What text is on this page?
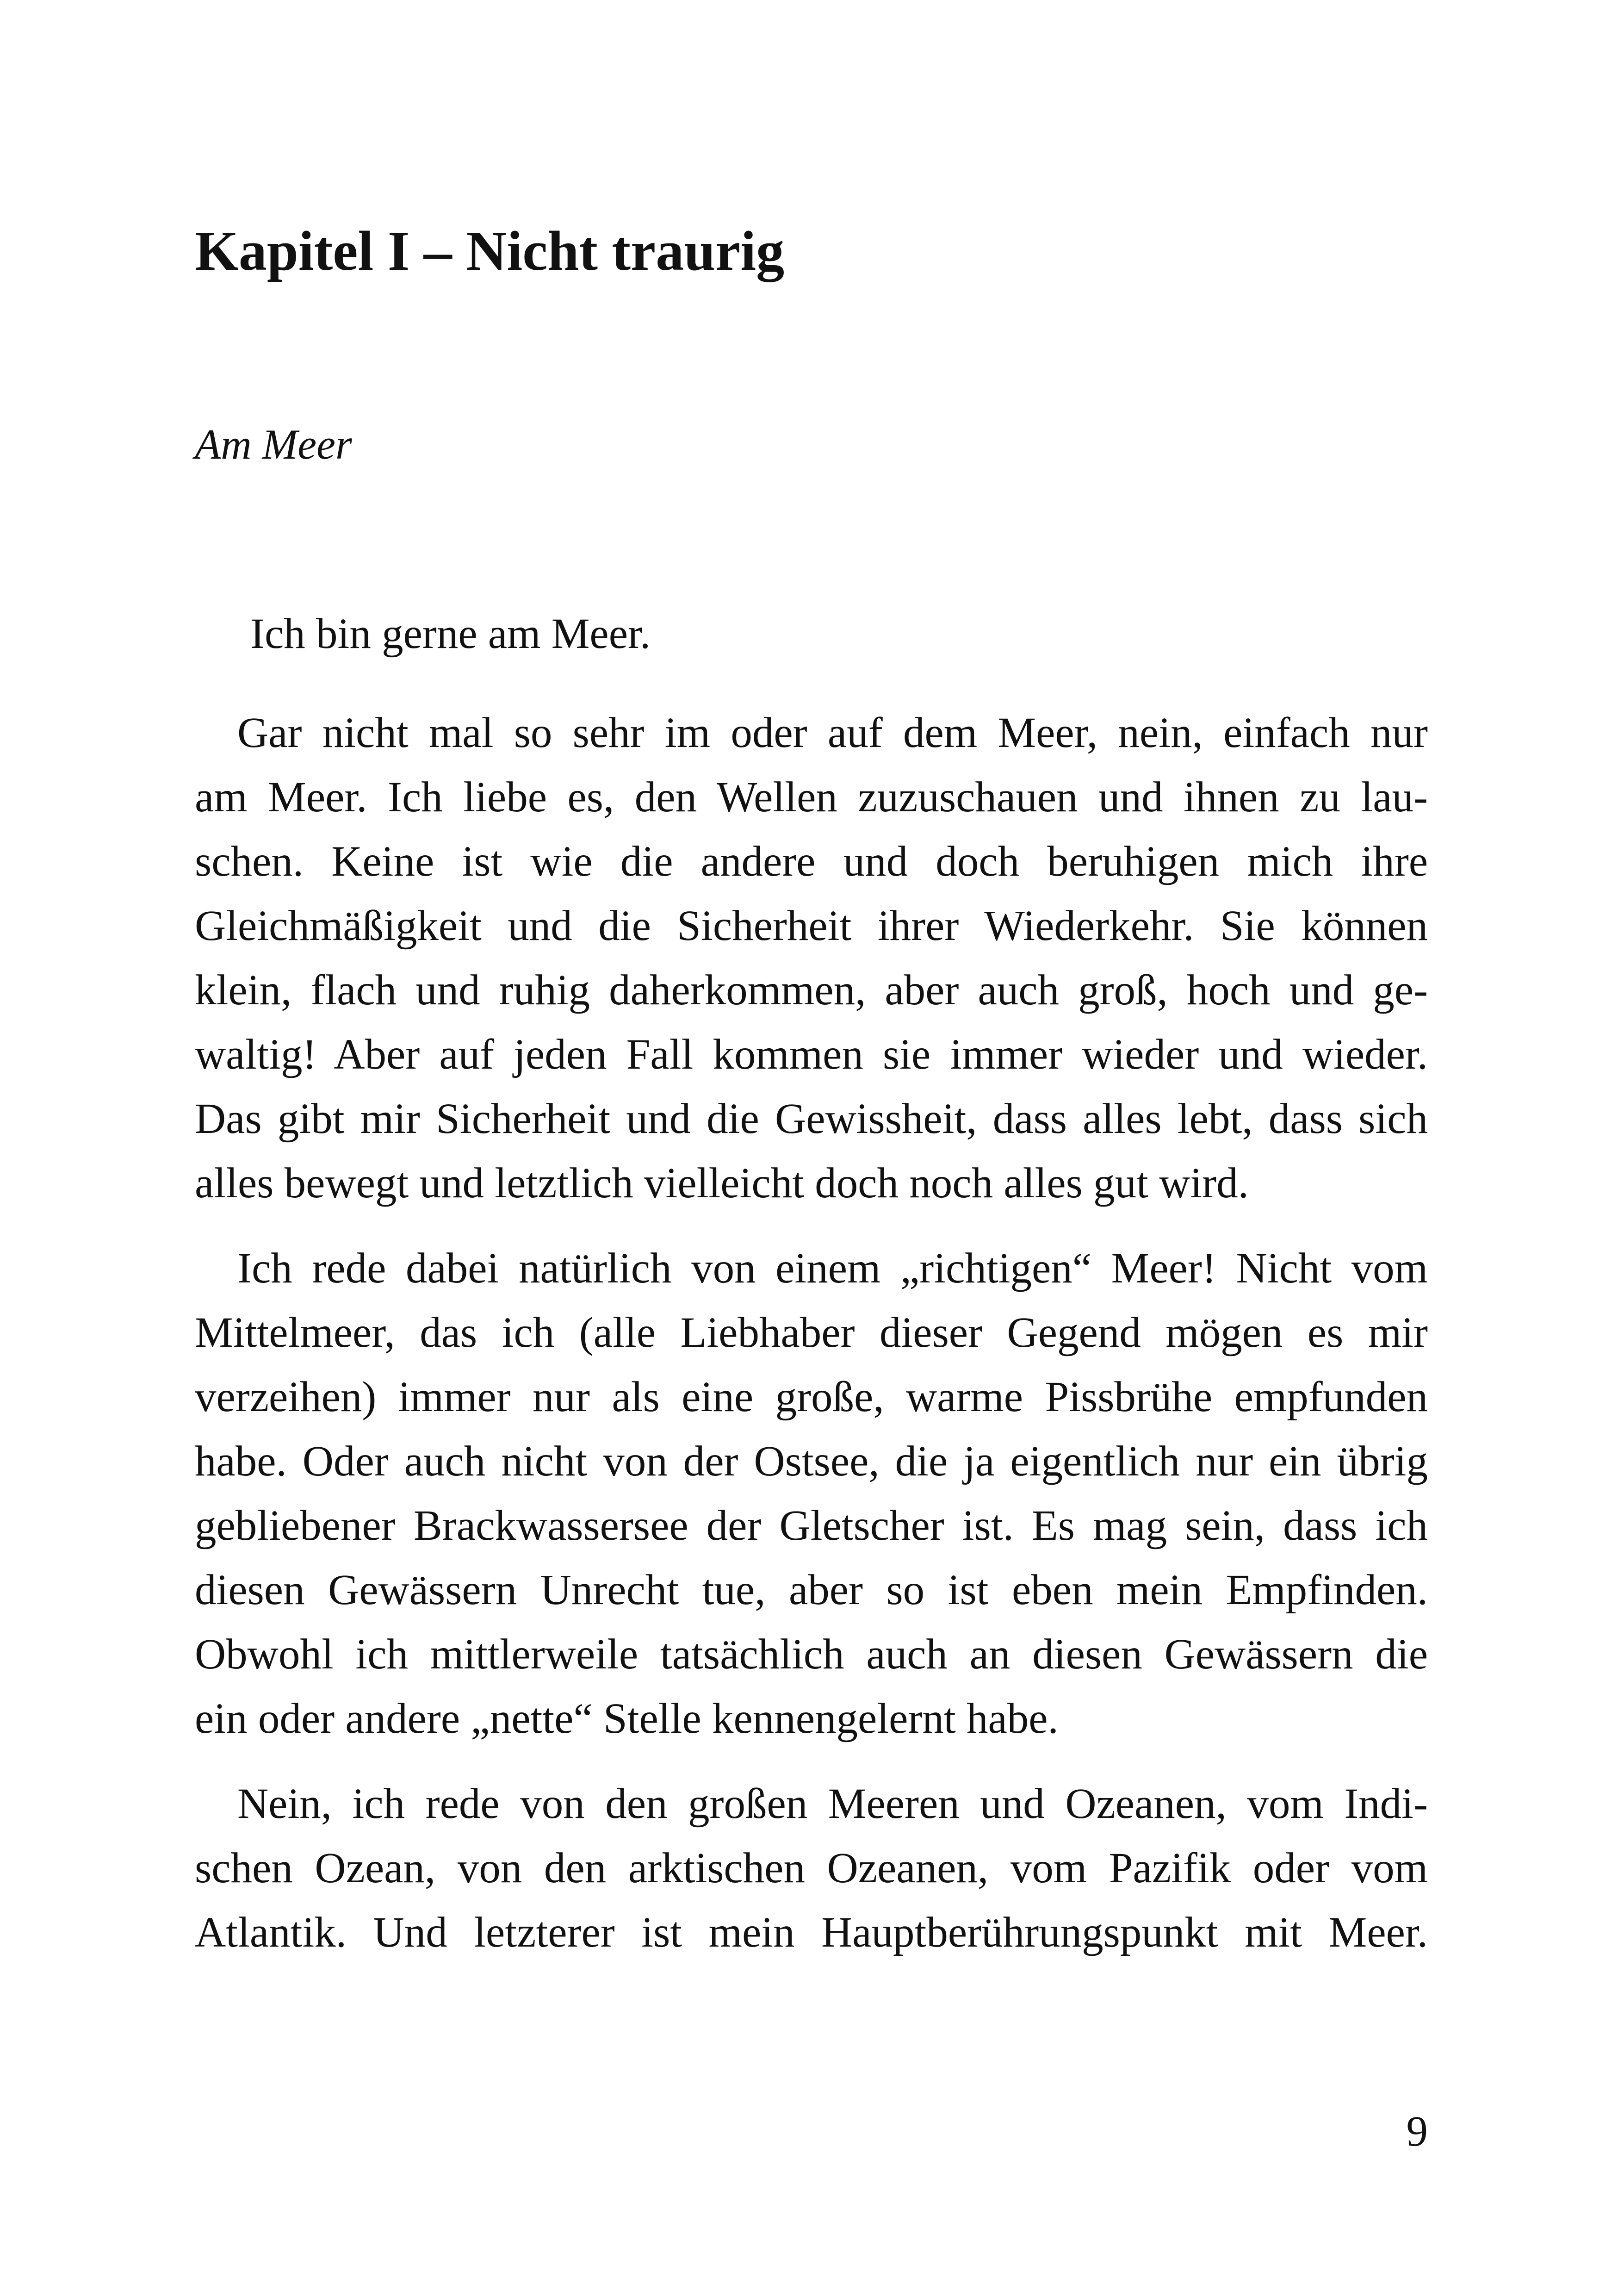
Kapitel I – Nicht traurig
Am Meer
Ich bin gerne am Meer.
Gar nicht mal so sehr im oder auf dem Meer, nein, einfach nur
am Meer. Ich liebe es, den Wellen zuzuschauen und ihnen zu lau-
schen. Keine ist wie die andere und doch beruhigen mich ihre
Gleichmäßigkeit und die Sicherheit ihrer Wiederkehr. Sie können
klein, flach und ruhig daherkommen, aber auch groß, hoch und ge-
waltig! Aber auf jeden Fall kommen sie immer wieder und wieder.
Das gibt mir Sicherheit und die Gewissheit, dass alles lebt, dass sich
alles bewegt und letztlich vielleicht doch noch alles gut wird.
Ich rede dabei natürlich von einem „richtigen“ Meer! Nicht vom
Mittelmeer, das ich (alle Liebhaber dieser Gegend mögen es mir
verzeihen) immer nur als eine große, warme Pissbrühe empfunden
habe. Oder auch nicht von der Ostsee, die ja eigentlich nur ein übrig
gebliebener Brackwassersee der Gletscher ist. Es mag sein, dass ich
diesen Gewässern Unrecht tue, aber so ist eben mein Empfinden.
Obwohl ich mittlerweile tatsächlich auch an diesen Gewässern die
ein oder andere „nette“ Stelle kennengelernt habe.
Nein, ich rede von den großen Meeren und Ozeanen, vom Indi-
schen Ozean, von den arktischen Ozeanen, vom Pazifik oder vom
Atlantik. Und letzterer ist mein Hauptberührungspunkt mit Meer.
9
